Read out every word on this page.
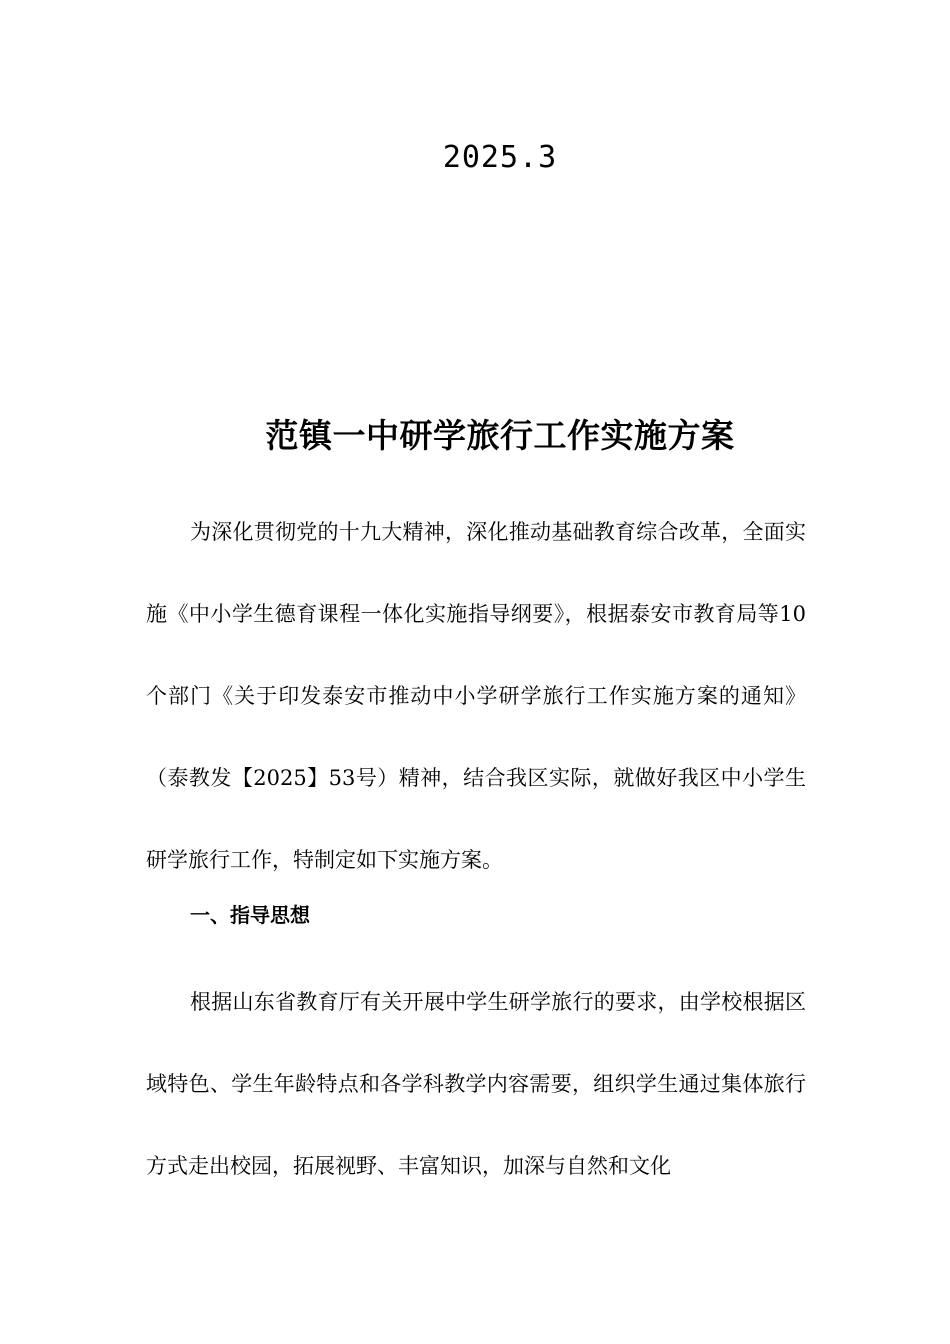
2025.3
范镇一中研学旅行工作实施方案

为深化贯彻党的十九大精神，深化推动基础教育综合改革，全面实施《中小学生德育课程一体化实施指导纲要》，根据泰安市教育局等10个部门《关于印发泰安市推动中小学研学旅行工作实施方案的通知》（泰教发【2025】53号）精神，结合我区实际，就做好我区中小学生研学旅行工作，特制定如下实施方案。

一、指导思想

根据山东省教育厅有关开展中学生研学旅行的要求，由学校根据区域特色、学生年龄特点和各学科教学内容需要，组织学生通过集体旅行方式走出校园，拓展视野、丰富知识，加深与自然和文化
